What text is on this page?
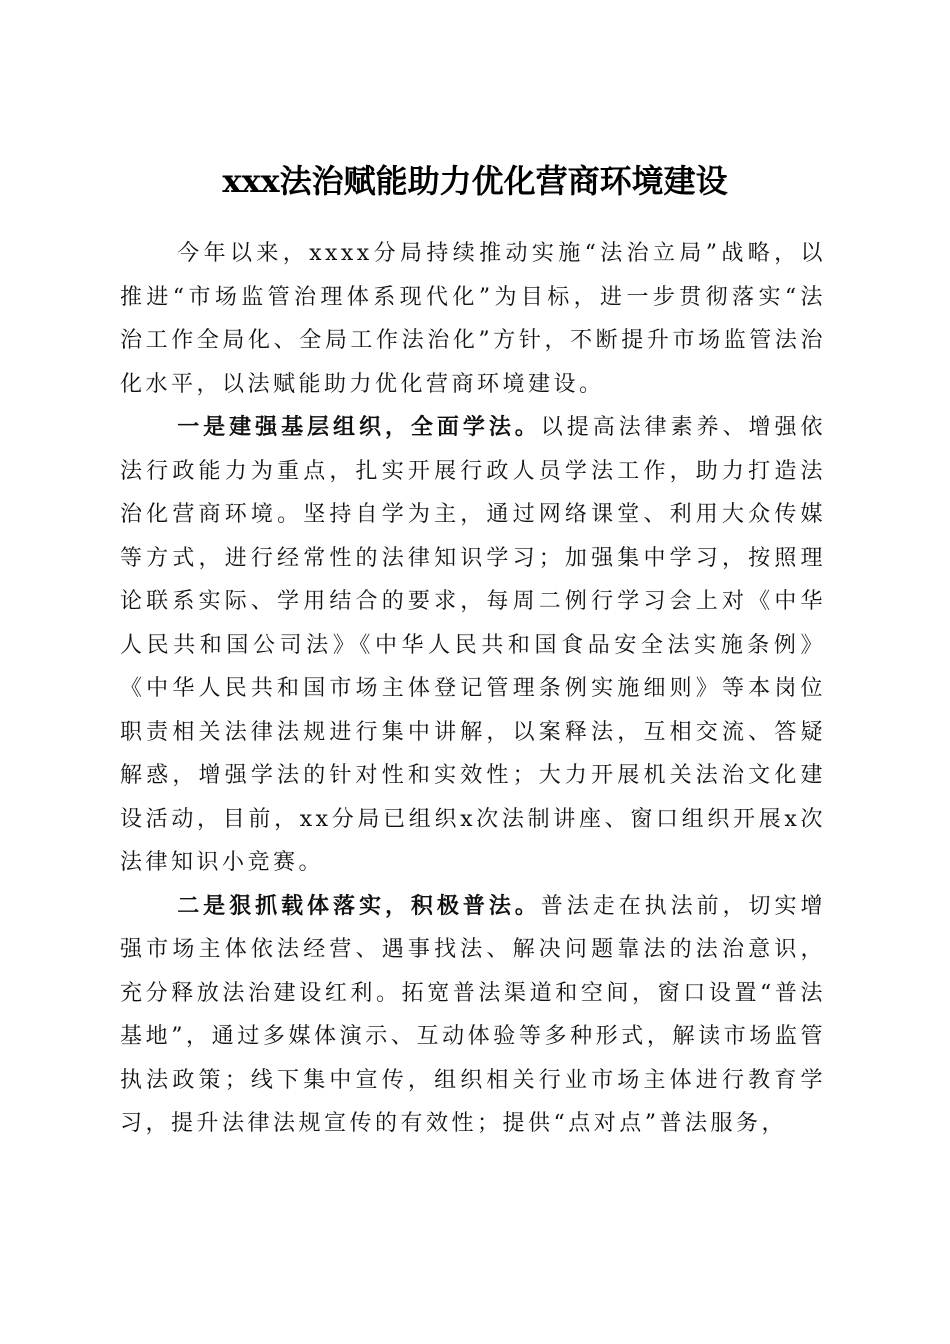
xxx法治赋能助力优化营商环境建设

今年以来，xxxx分局持续推动实施“法治立局”战略，以推进“市场监管治理体系现代化”为目标，进一步贯彻落实“法治工作全局化、全局工作法治化”方针，不断提升市场监管法治化水平，以法赋能助力优化营商环境建设。

一是建强基层组织，全面学法。以提高法律素养、增强依法行政能力为重点，扎实开展行政人员学法工作，助力打造法治化营商环境。坚持自学为主，通过网络课堂、利用大众传媒等方式，进行经常性的法律知识学习；加强集中学习，按照理论联系实际、学用结合的要求，每周二例行学习会上对《中华人民共和国公司法》《中华人民共和国食品安全法实施条例》《中华人民共和国市场主体登记管理条例实施细则》等本岗位职责相关法律法规进行集中讲解，以案释法，互相交流、答疑解惑，增强学法的针对性和实效性；大力开展机关法治文化建设活动，目前，xx分局已组织x次法制讲座、窗口组织开展x次法律知识小竞赛。

二是狠抓载体落实，积极普法。普法走在执法前，切实增强市场主体依法经营、遇事找法、解决问题靠法的法治意识，充分释放法治建设红利。拓宽普法渠道和空间，窗口设置“普法基地”，通过多媒体演示、互动体验等多种形式，解读市场监管执法政策；线下集中宣传，组织相关行业市场主体进行教育学习，提升法律法规宣传的有效性；提供“点对点”普法服务，
